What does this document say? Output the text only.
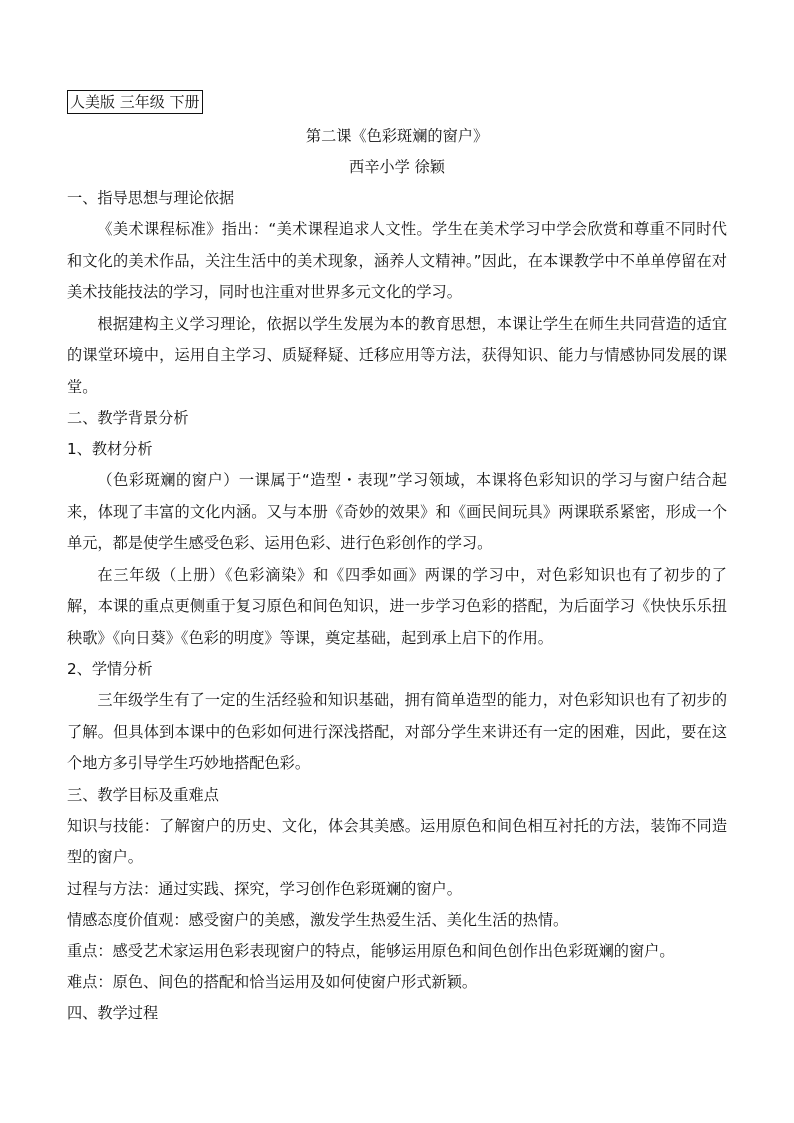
人美版 三年级 下册

第二课《色彩斑斓的窗户》

西辛小学 徐颖

一、指导思想与理论依据

《美术课程标准》指出：“美术课程追求人文性。学生在美术学习中学会欣赏和尊重不同时代和文化的美术作品，关注生活中的美术现象，涵养人文精神。”因此，在本课教学中不单单停留在对美术技能技法的学习，同时也注重对世界多元文化的学习。

根据建构主义学习理论，依据以学生发展为本的教育思想，本课让学生在师生共同营造的适宜的课堂环境中，运用自主学习、质疑释疑、迁移应用等方法，获得知识、能力与情感协同发展的课堂。

二、教学背景分析

1、教材分析

（色彩斑斓的窗户）一课属于“造型・表现”学习领域，本课将色彩知识的学习与窗户结合起来，体现了丰富的文化内涵。又与本册《奇妙的效果》和《画民间玩具》两课联系紧密，形成一个单元，都是使学生感受色彩、运用色彩、进行色彩创作的学习。

在三年级（上册）《色彩滴染》和《四季如画》两课的学习中，对色彩知识也有了初步的了解，本课的重点更侧重于复习原色和间色知识，进一步学习色彩的搭配，为后面学习《快快乐乐扭秧歌》《向日葵》《色彩的明度》等课，奠定基础，起到承上启下的作用。

2、学情分析

三年级学生有了一定的生活经验和知识基础，拥有简单造型的能力，对色彩知识也有了初步的了解。但具体到本课中的色彩如何进行深浅搭配，对部分学生来讲还有一定的困难，因此，要在这个地方多引导学生巧妙地搭配色彩。

三、教学目标及重难点

知识与技能：了解窗户的历史、文化，体会其美感。运用原色和间色相互衬托的方法，装饰不同造型的窗户。

过程与方法：通过实践、探究，学习创作色彩斑斓的窗户。

情感态度价值观：感受窗户的美感，激发学生热爱生活、美化生活的热情。

重点：感受艺术家运用色彩表现窗户的特点，能够运用原色和间色创作出色彩斑斓的窗户。

难点：原色、间色的搭配和恰当运用及如何使窗户形式新颖。

四、教学过程
